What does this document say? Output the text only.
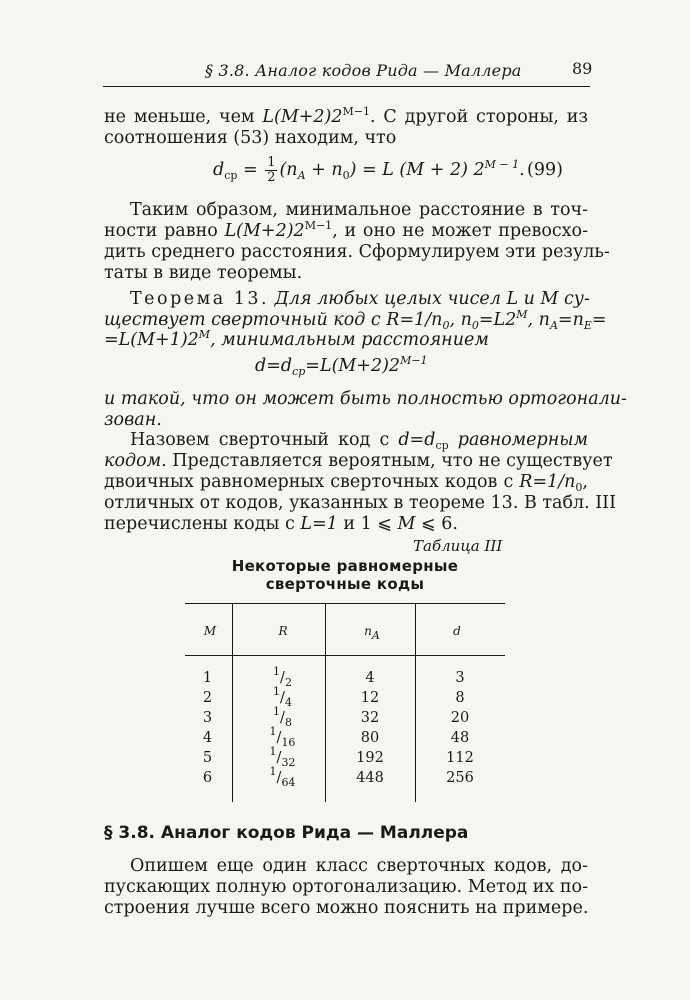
§ 3.8. Аналог кодов Рида — Маллера	89
не меньше, чем $L(M+2)2^{M-1}$. С другой стороны, из
соотношения (53) находим, что
$d_{ср} = \frac{1}{2} (n_A + n_0) = L$ (M + 2) $2^{M - 1}$. (99)
Таким образом, минимальное расстояние в точ-
ности равно $L(M+2)2^{M-1}$, и оно не может превосхо-
дить среднего расстояния. Сформулируем эти резуль-
таты в виде теоремы.
Теорема 13. Для любых целых чисел L и M су-
ществует сверточный код с $R=1/n_0$, $n_0=L2^M$, $n_A=n_E=$
$=L(M+1)2^M$, минимальным расстоянием
$d=d_{ср}=L(M+2)2^{M-1}$
и такой, что он может быть полностью ортогонали-
зован.
Назовем сверточный код с $d=d_{ср}$ равномерным
кодом. Представляется вероятным, что не существует
двоичных равномерных сверточных кодов с $R=1/n_0$,
отличных от кодов, указанных в теореме 13. В табл. III
перечислены коды с L=1 и 1 ⩽ M ⩽ 6.
Таблица III
Некоторые равномерные
сверточные коды
M	R	$n_A$	d
1	$^1/_2$	4	3
2	$^1/_4$	12	8
3	$^1/_8$	32	20
4	$^1/_{16}$	80	48
5	$^1/_{32}$	192	112
6	$^1/_{64}$	448	256
§ 3.8. Аналог кодов Рида — Маллера
Опишем еще один класс сверточных кодов, до-
пускающих полную ортогонализацию. Метод их по-
строения лучше всего можно пояснить на примере.
